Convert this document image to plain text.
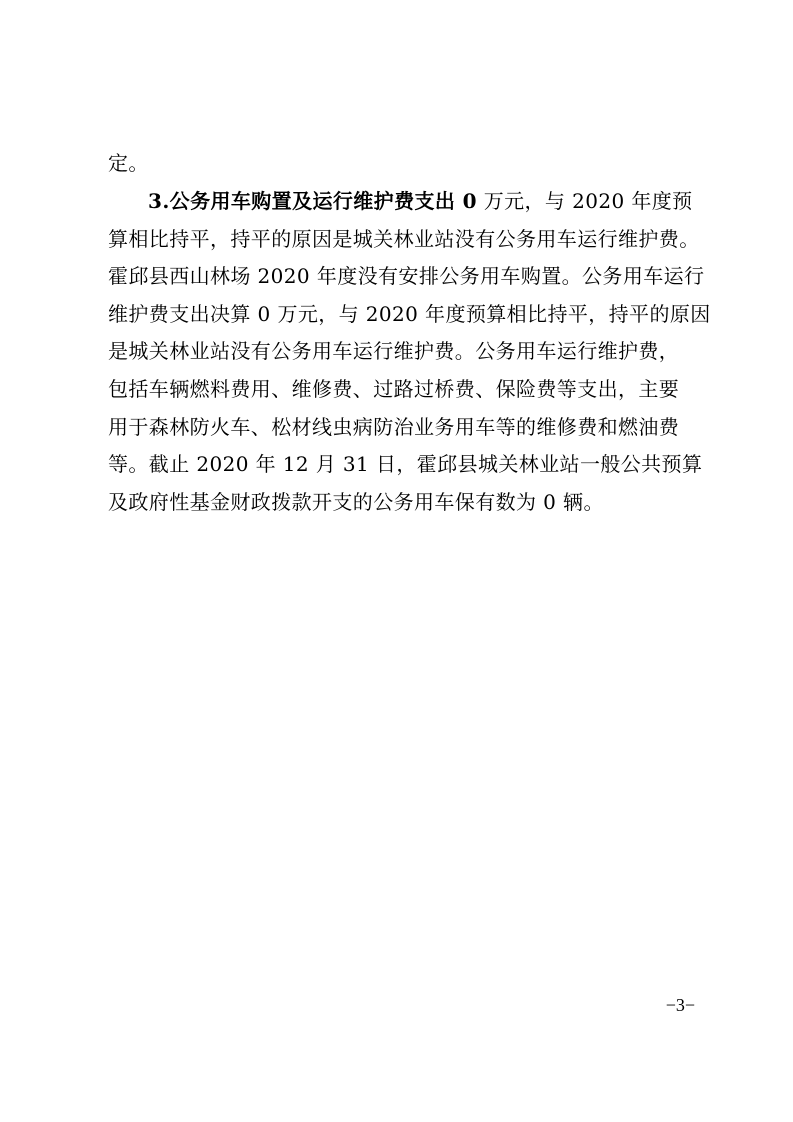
定。
3.公务用车购置及运行维护费支出 0 万元，与 2020 年度预
算相比持平，持平的原因是城关林业站没有公务用车运行维护费。
霍邱县西山林场 2020 年度没有安排公务用车购置。公务用车运行
维护费支出决算 0 万元，与 2020 年度预算相比持平，持平的原因
是城关林业站没有公务用车运行维护费。公务用车运行维护费，
包括车辆燃料费用、维修费、过路过桥费、保险费等支出，主要
用于森林防火车、松材线虫病防治业务用车等的维修费和燃油费
等。截止 2020 年 12 月 31 日，霍邱县城关林业站一般公共预算
及政府性基金财政拨款开支的公务用车保有数为 0 辆。
−3−
